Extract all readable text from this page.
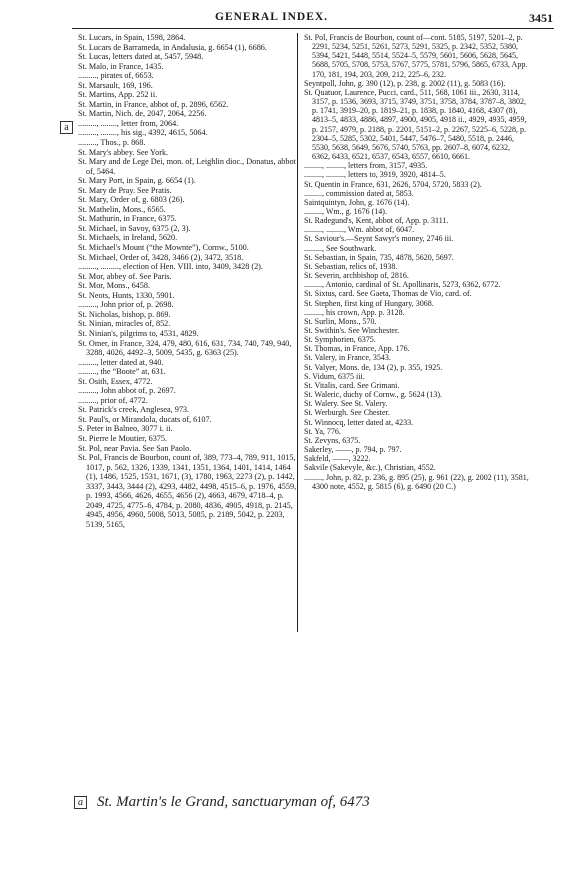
GENERAL INDEX.	3451
a

St. Lucars, in Spain, 1598, 2864.

St. Lucars de Barrameda, in Andalusia, g. 6654 (1), 6686.

St. Lucas, letters dated at, 5457, 5948.

St. Malo, in France, 1435.

........., pirates of, 6653.

St. Marsault, 169, 196.

St. Martins, App. 252 ii.

St. Martin, in France, abbot of, p. 2896, 6562.

St. Martin, Nich. de, 2047, 2064, 2256.

........., ........, letter from, 2064.

........., ........, his sig., 4392, 4615, 5064.

........., Thos., p. 868.

St. Mary's abbey. See York.

St. Mary and de Lege Dei, mon. of, Leighlin dioc., Donatus, abbot of, 5464.

St. Mary Port, in Spain, g. 6654 (1).

St. Mary de Pray. See Pratis.

St. Mary, Order of, g. 6803 (26).

St. Mathelin, Mons., 6565.

St. Mathurin, in France, 6375.

St. Michael, in Savoy, 6375 (2, 3).

St. Michaels, in Ireland, 5620.

St. Michael's Mount (“the Mownte”), Cornw., 5100.

St. Michael, Order of, 3428, 3466 (2), 3472, 3518.

........., ........., election of Hen. VIII. into, 3409, 3428 (2).

St. Mor, abbey of. See Paris.

St. Mor, Mons., 6458.

St. Neots, Hunts, 1330, 5901.

........., John prior of, p. 2698.

St. Nicholas, bishop, p. 869.

St. Ninian, miracles of, 852.

St. Ninian's, pilgrims to, 4531, 4829.

St. Omer, in France, 324, 479, 480, 616, 631, 734, 740, 749, 940, 3288, 4026, 4492–3, 5009, 5435, g. 6363 (25).

........., letter dated at, 940.

........., the “Boote” at, 631.

St. Osith, Essex, 4772.

........., John abbot of, p. 2697.

........., prior of, 4772.

St. Patrick's creek, Anglesea, 973.

St. Paul's, or Mirandola, ducats of, 6107.

S. Peter in Balneo, 3077 i. ii.

St. Pierre le Moutier, 6375.

St. Pol, near Pavia. See San Paolo.

St. Pol, Francis de Bourbon, count of, 389, 773–4, 789, 911, 1015, 1017, p. 562, 1326, 1339, 1341, 1351, 1364, 1401, 1414, 1464 (1), 1486, 1525, 1531, 1671, (3), 1780, 1963, 2273 (2), p. 1442, 3337, 3443, 3444 (2), 4293, 4482, 4498, 4515–6, p. 1976, 4559, p. 1993, 4566, 4626, 4655, 4656 (2), 4663, 4679, 4718–4, p. 2049, 4725, 4775–6, 4784, p. 2080, 4836, 4905, 4918, p. 2145, 4945, 4956, 4960, 5008, 5013, 5085, p. 2189, 5042, p. 2203, 5139, 5165,

St. Pol, Francis de Bourbon, count of—cont. 5185, 5197, 5201–2, p. 2291, 5234, 5251, 5261, 5273, 5291, 5325, p. 2342, 5352, 5380, 5394, 5421, 5448, 5514, 5524–5, 5579, 5601, 5606, 5628, 5645, 5688, 5705, 5708, 5753, 5767, 5775, 5781, 5796, 5865, 6733, App. 170, 181, 194, 203, 209, 212, 225–6, 232.

Seyntpoll, John, g. 390 (12), p. 238, g. 2002 (11), g. 5083 (16).

St. Quatuor, Laurence, Pucci, card., 511, 568, 1061 iii., 2630, 3114, 3157, p. 1536, 3693, 3715, 3749, 3751, 3758, 3784, 3787–8, 3802, p. 1741, 3919–20, p. 1819–21, p. 1838, p. 1840, 4168, 4307 (8), 4813–5, 4833, 4886, 4897, 4900, 4905, 4918 ii., 4929, 4935, 4959, p. 2157, 4979, p. 2188, p. 2201, 5151–2, p. 2267, 5225–6, 5228, p. 2304–5, 5285, 5302, 5401, 5447, 5476–7, 5480, 5518, p. 2446, 5530, 5638, 5649, 5676, 5740, 5763, pp. 2607–8, 6074, 6232, 6362, 6433, 6521, 6537, 6543, 6557, 6610, 6661.

........., ........., letters from, 3157, 4935.

........., ........., letters to, 3919, 3920, 4814–5.

St. Quentin in France, 631, 2626, 5704, 5720, 5833 (2).

........., commission dated at, 5853.

Saintquintyn, John, g. 1676 (14).

........., Wm., g. 1676 (14).

St. Radegund's, Kent, abbot of, App. p. 3111.

........., ........., Wm. abbot of, 6047.

St. Saviour's.—Seynt Sawyr's money, 2746 iii.

........., See Southwark.

St. Sebastian, in Spain, 735, 4878, 5620, 5697.

St. Sebastian, relics of, 1938.

St. Severin, archbishop of, 2816.

........., Antonio, cardinal of St. Apollinaris, 5273, 6362, 6772.

St. Sixtus, card. See Gaeta, Thomas de Vio, card. of.

St. Stephen, first king of Hungary, 3068.

........., his crown, App. p. 3128.

St. Surlin, Mons., 570.

St. Swithin's. See Winchester.

St. Symphorien, 6375.

St. Thomas, in France, App. 176.

St. Valery, in France, 3543.

St. Valyer, Mons. de, 134 (2), p. 355, 1925.

S. Vidum, 6375 iii.

St. Vitalis, card. See Grimani.

St. Waleric, duchy of Cornw., g. 5624 (13).

St. Walery. See St. Valery.

St. Werburgh. See Chester.

St. Winnocq, letter dated at, 4233.

St. Ya, 776.

St. Zevyns, 6375.

Sakerley, ——, p. 794, p. 797.

Sakfeld, ——, 3222.

Sakvile (Sakevyle, &c.), Christian, 4552.

........., John, p. 82, p. 236, g. 895 (25), g. 961 (22), g. 2002 (11), 3581, 4300 note, 4552, g. 5815 (6), g. 6490 (20 C.)

a St. Martin's le Grand, sanctuaryman of, 6473
